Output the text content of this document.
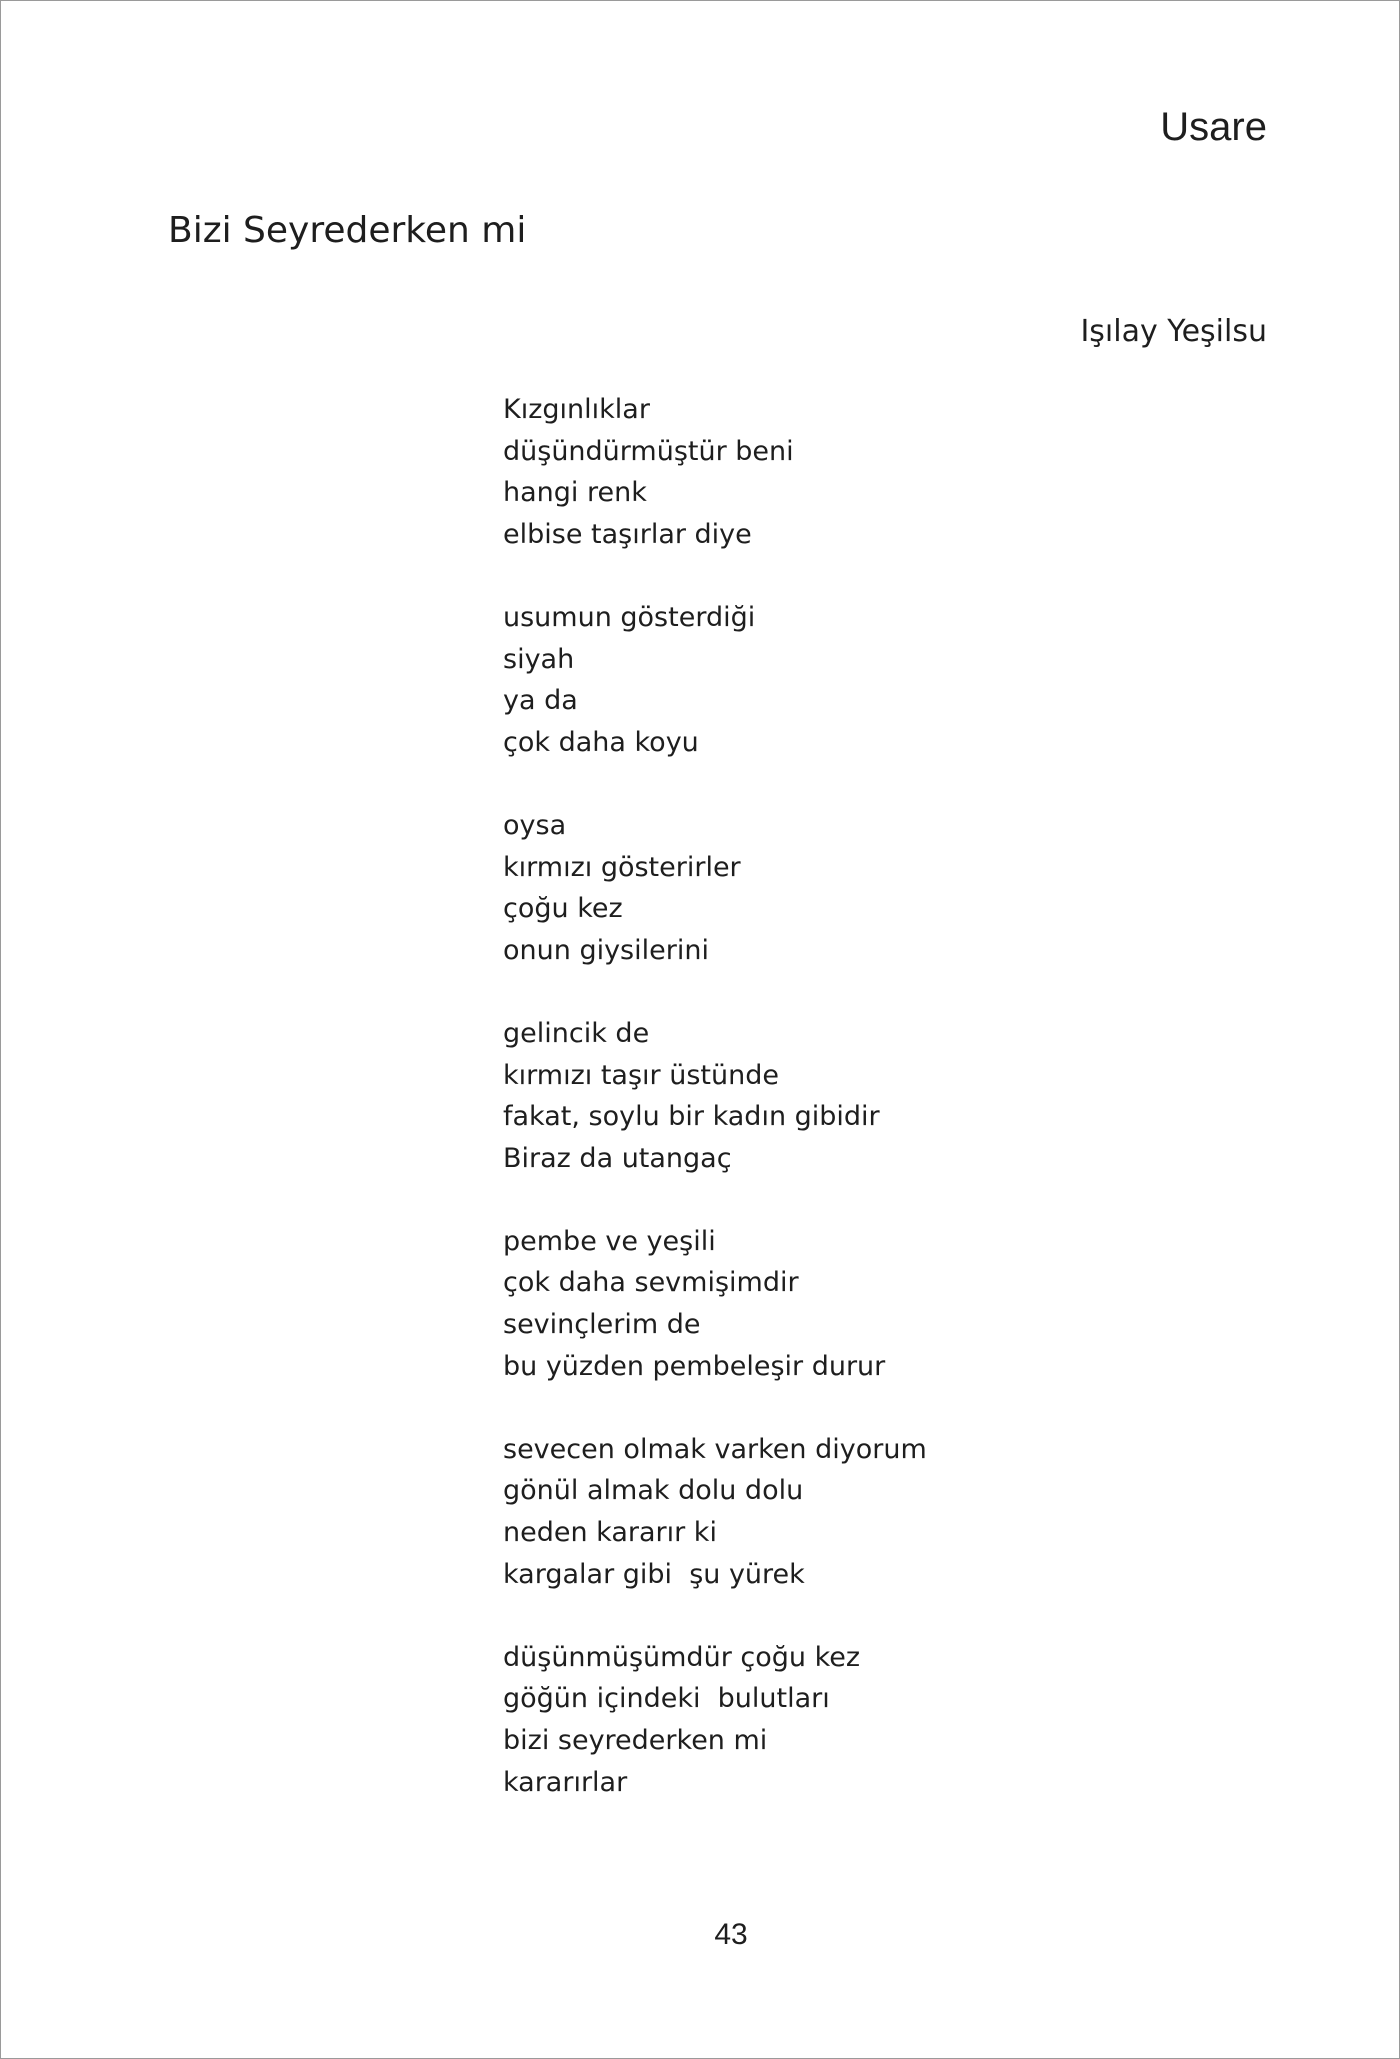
Usare
Bizi Seyrederken mi
Işılay Yeşilsu
Kızgınlıklar
düşündürmüştür beni
hangi renk
elbise taşırlar diye
usumun gösterdiği
siyah
ya da
çok daha koyu
oysa
kırmızı gösterirler
çoğu kez
onun giysilerini
gelincik de
kırmızı taşır üstünde
fakat, soylu bir kadın gibidir
Biraz da utangaç
pembe ve yeşili
çok daha sevmişimdir
sevinçlerim de
bu yüzden pembeleşir durur
sevecen olmak varken diyorum
gönül almak dolu dolu
neden kararır ki
kargalar gibi  şu yürek
düşünmüşümdür çoğu kez
göğün içindeki  bulutları
bizi seyrederken mi
kararırlar
43
